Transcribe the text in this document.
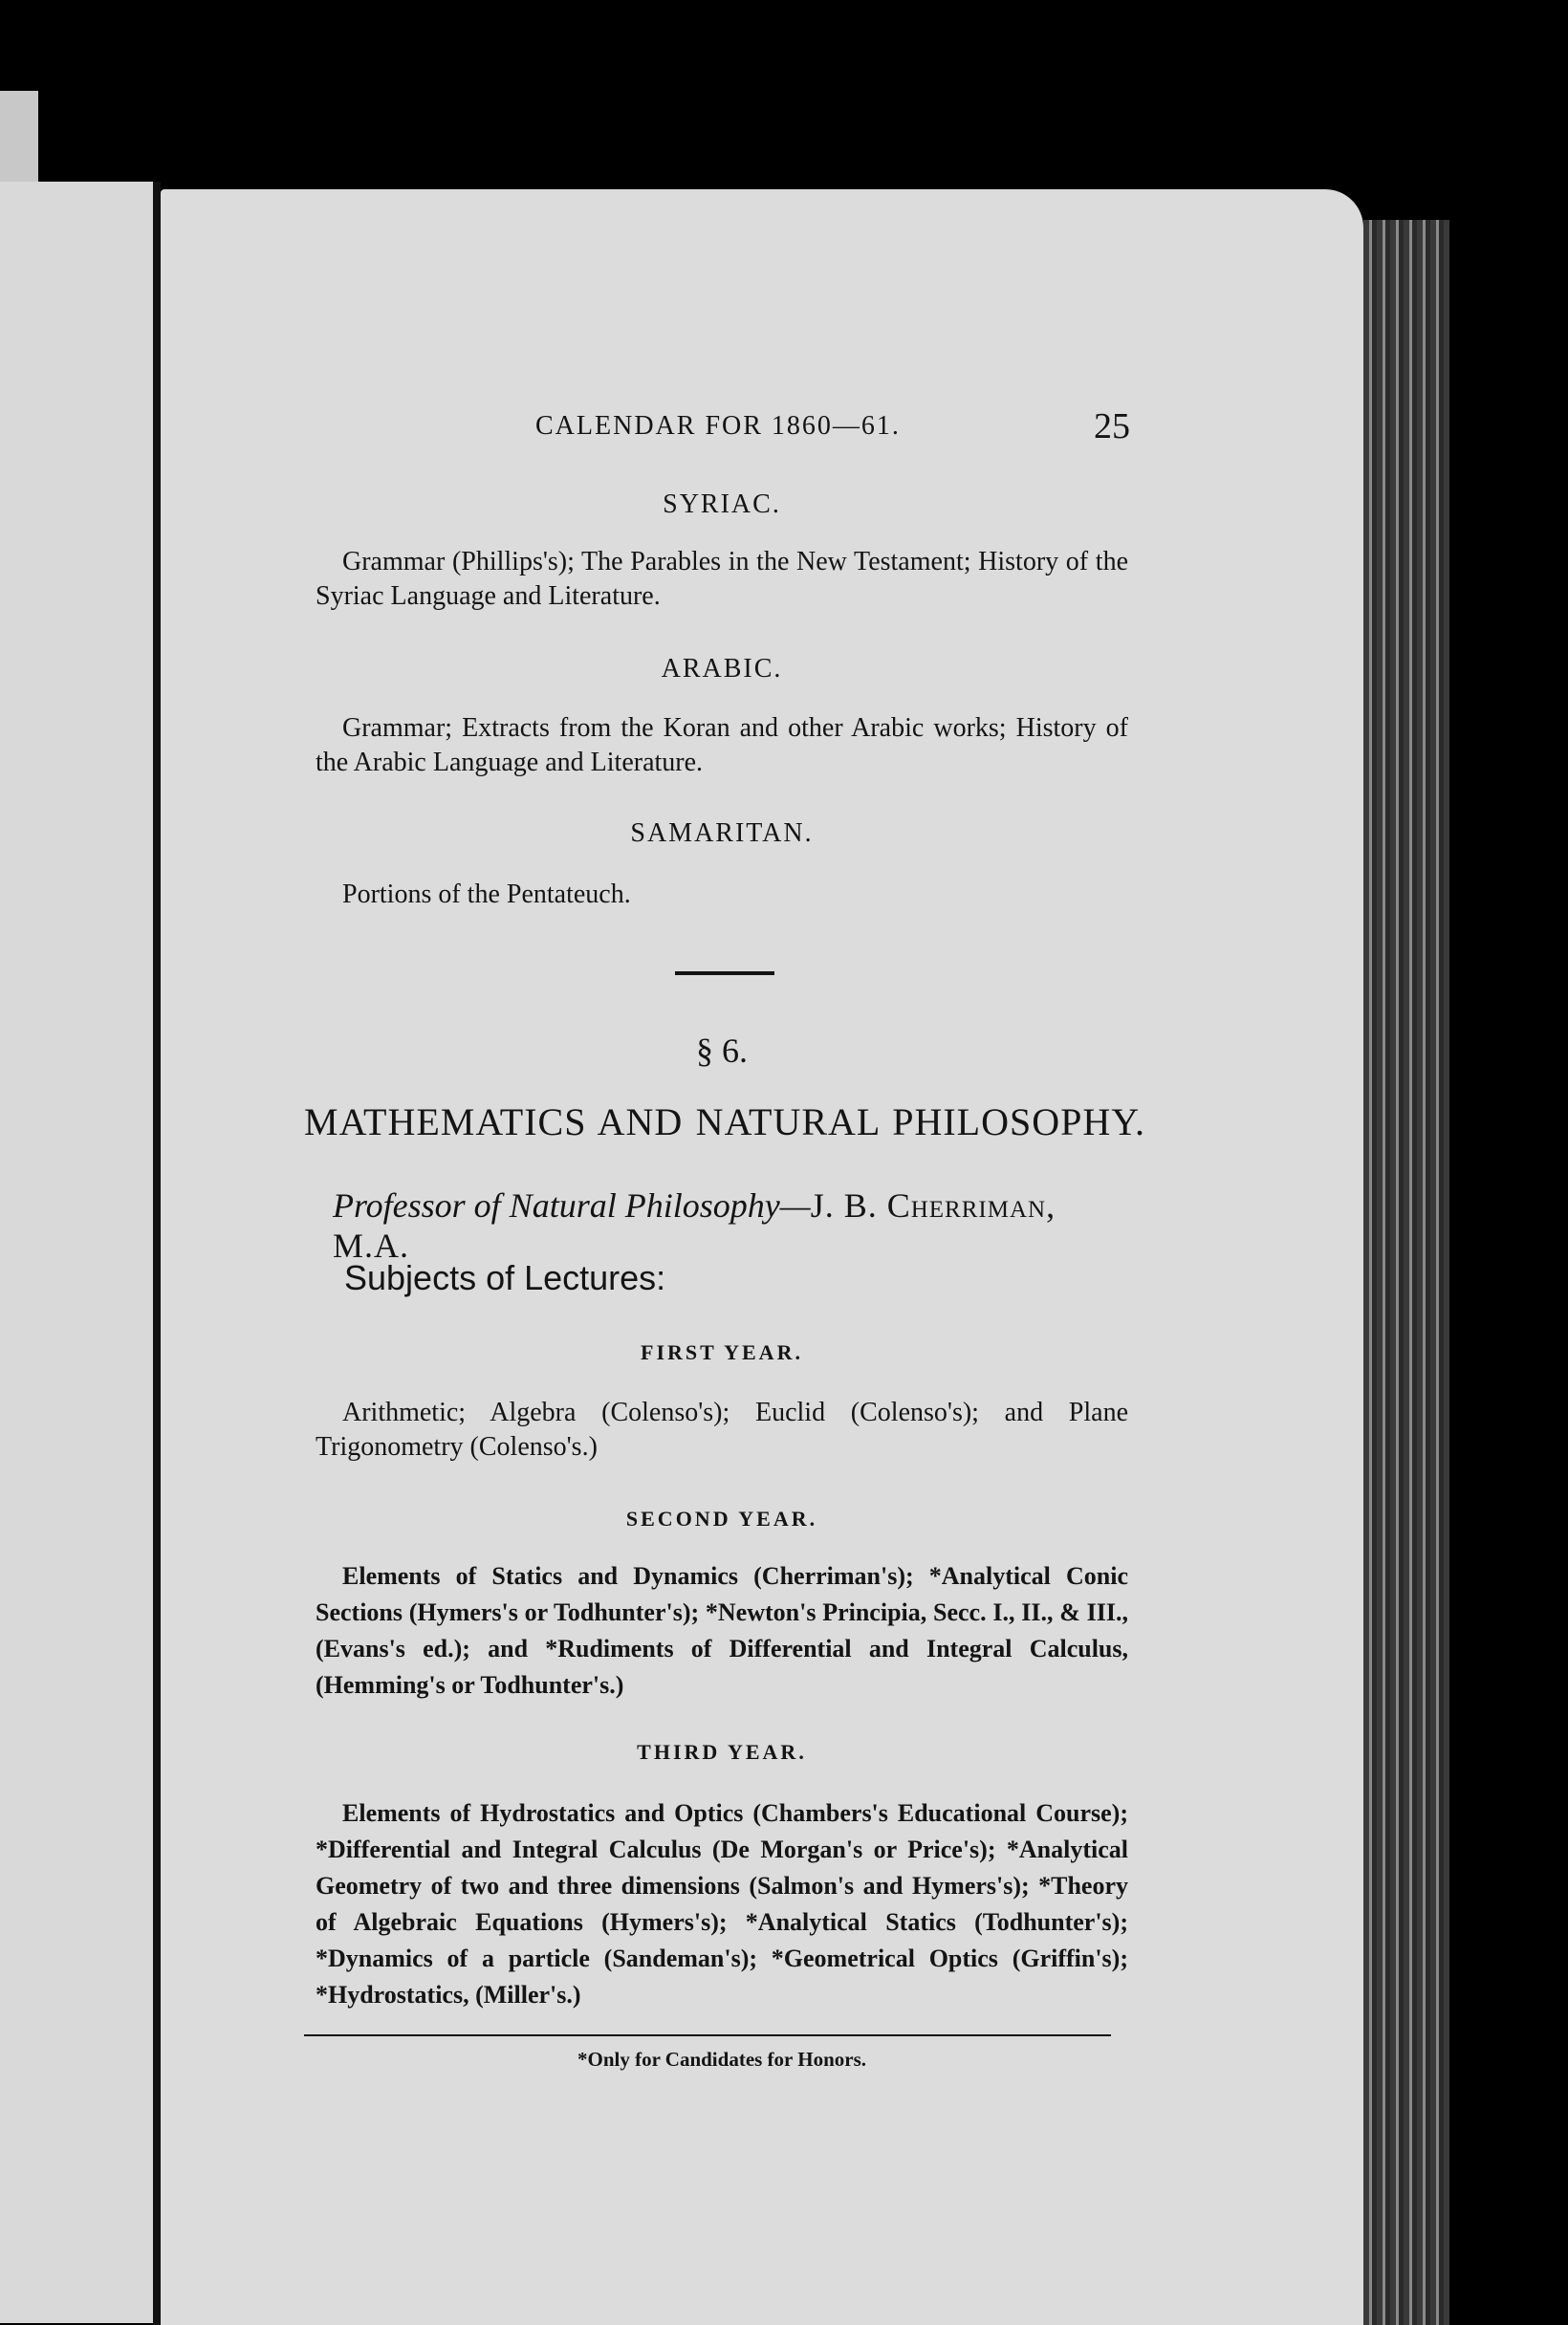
CALENDAR FOR 1860—61.	25
SYRIAC.
Grammar (Phillips's); The Parables in the New Testament; History of the Syriac Language and Literature.
ARABIC.
Grammar; Extracts from the Koran and other Arabic works; History of the Arabic Language and Literature.
SAMARITAN.
Portions of the Pentateuch.
§ 6.
MATHEMATICS AND NATURAL PHILOSOPHY.
Professor of Natural Philosophy—J. B. Cherriman, M.A.
Subjects of Lectures:
FIRST YEAR.
Arithmetic; Algebra (Colenso's); Euclid (Colenso's); and Plane Trigonometry (Colenso's.)
SECOND YEAR.
Elements of Statics and Dynamics (Cherriman's); *Analytical Conic Sections (Hymers's or Todhunter's); *Newton's Principia, Secc. I., II., & III., (Evans's ed.); and *Rudiments of Differential and Integral Calculus, (Hemming's or Todhunter's.)
THIRD YEAR.
Elements of Hydrostatics and Optics (Chambers's Educational Course); *Differential and Integral Calculus (De Morgan's or Price's); *Analytical Geometry of two and three dimensions (Salmon's and Hymers's); *Theory of Algebraic Equations (Hymers's); *Analytical Statics (Todhunter's); *Dynamics of a particle (Sandeman's); *Geometrical Optics (Griffin's); *Hydrostatics, (Miller's.)
*Only for Candidates for Honors.
